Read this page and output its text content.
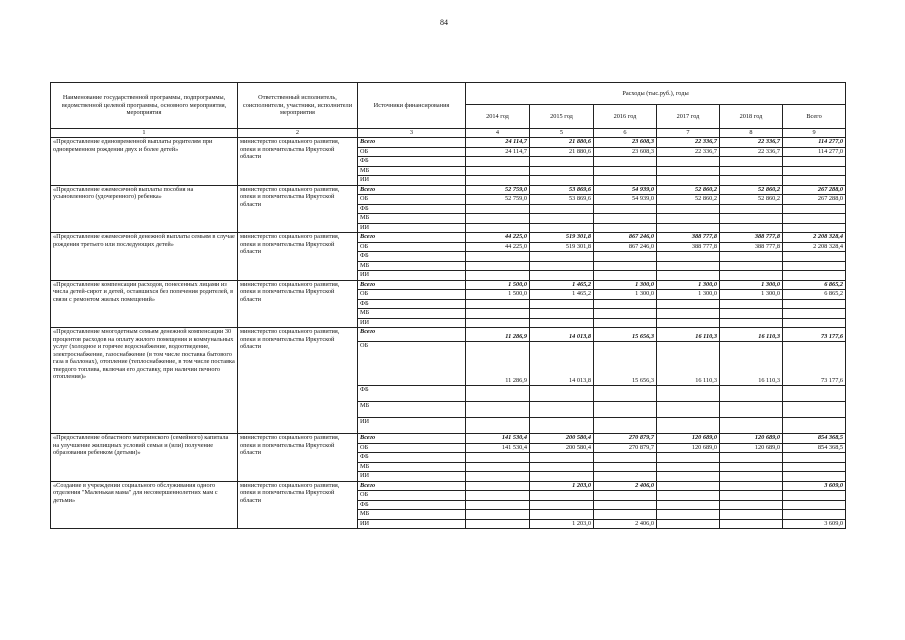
84
Наименование государственной программы, подпрограммы, ведомственной целевой программы, основного мероприятия, мероприятия	Ответственный исполнитель, соисполнители, участники, исполнители мероприятия	Источники финансирования	Расходы (тыс.руб.), годы					
			2014 год	2015 год	2016 год	2017 год	2018 год	Всего
1	2	3	4	5	6	7	8	9
«Предоставление единовременной выплаты родителям при одновременном рождении двух и более детей»	министерство социального развития, опеки и попечительства Иркутской области	Всего	24 114,7	21 880,6	23 608,3	22 336,7	22 336,7	114 277,0
		ОБ	24 114,7	21 880,6	23 608,3	22 336,7	22 336,7	114 277,0
		ФБ						
		МБ						
		ИИ						
«Предоставление ежемесячной выплаты пособия на усыновленного (удочеренного) ребенка»	министерство социального развития, опеки и попечительства Иркутской области	Всего	52 759,0	53 869,6	54 939,0	52 860,2	52 860,2	267 288,0
		ОБ	52 759,0	53 869,6	54 939,0	52 860,2	52 860,2	267 288,0
		ФБ						
		МБ						
		ИИ						
«Предоставление ежемесячной денежной выплаты семьям в случае рождения третьего или последующих детей»	министерство социального развития, опеки и попечительства Иркутской области	Всего	44 225,0	519 301,8	867 246,0	388 777,8	388 777,8	2 208 328,4
		ОБ	44 225,0	519 301,8	867 246,0	388 777,8	388 777,8	2 208 328,4
		ФБ						
		МБ						
		ИИ						
«Предоставление компенсации расходов, понесенных лицами из числа детей-сирот и детей, оставшихся без попечения родителей, в связи с ремонтом жилых помещений»	министерство социального развития, опеки и попечительства Иркутской области	Всего	1 500,0	1 465,2	1 300,0	1 300,0	1 300,0	6 865,2
		ОБ	1 500,0	1 465,2	1 300,0	1 300,0	1 300,0	6 865,2
		ФБ						
		МБ						
		ИИ						
«Предоставление многодетным семьям денежной компенсации 30 процентов расходов на оплату жилого помещения и коммунальных услуг (холодное и горячее водоснабжение, водоотведение, электроснабжение, газоснабжение (в том числе поставка бытового газа в баллонах), отопление (теплоснабжение, в том числе поставка твердого топлива, включая его доставку, при наличии печного отопления)»	министерство социального развития, опеки и попечительства Иркутской области	Всего	11 286,9	14 013,8	15 656,3	16 110,3	16 110,3	73 177,6
		ОБ	11 286,9	14 013,8	15 656,3	16 110,3	16 110,3	73 177,6
		ФБ						
		МБ						
		ИИ						
«Предоставление областного материнского (семейного) капитала на улучшение жилищных условий семьи и (или) получение образования ребенком (детьми)»	министерство социального развития, опеки и попечительства Иркутской области	Всего	141 530,4	200 580,4	270 879,7	120 689,0	120 689,0	854 368,5
		ОБ	141 530,4	200 580,4	270 879,7	120 689,0	120 689,0	854 368,5
		ФБ						
		МБ						
		ИИ						
«Создание в учреждении социального обслуживания одного отделения "Маленькая мама" для несовершеннолетних мам с детьми»	министерство социального развития, опеки и попечительства Иркутской области	Всего		1 203,0	2 406,0			3 609,0
		ОБ						
		ФБ						
		МБ						
		ИИ		1 203,0	2 406,0			3 609,0
